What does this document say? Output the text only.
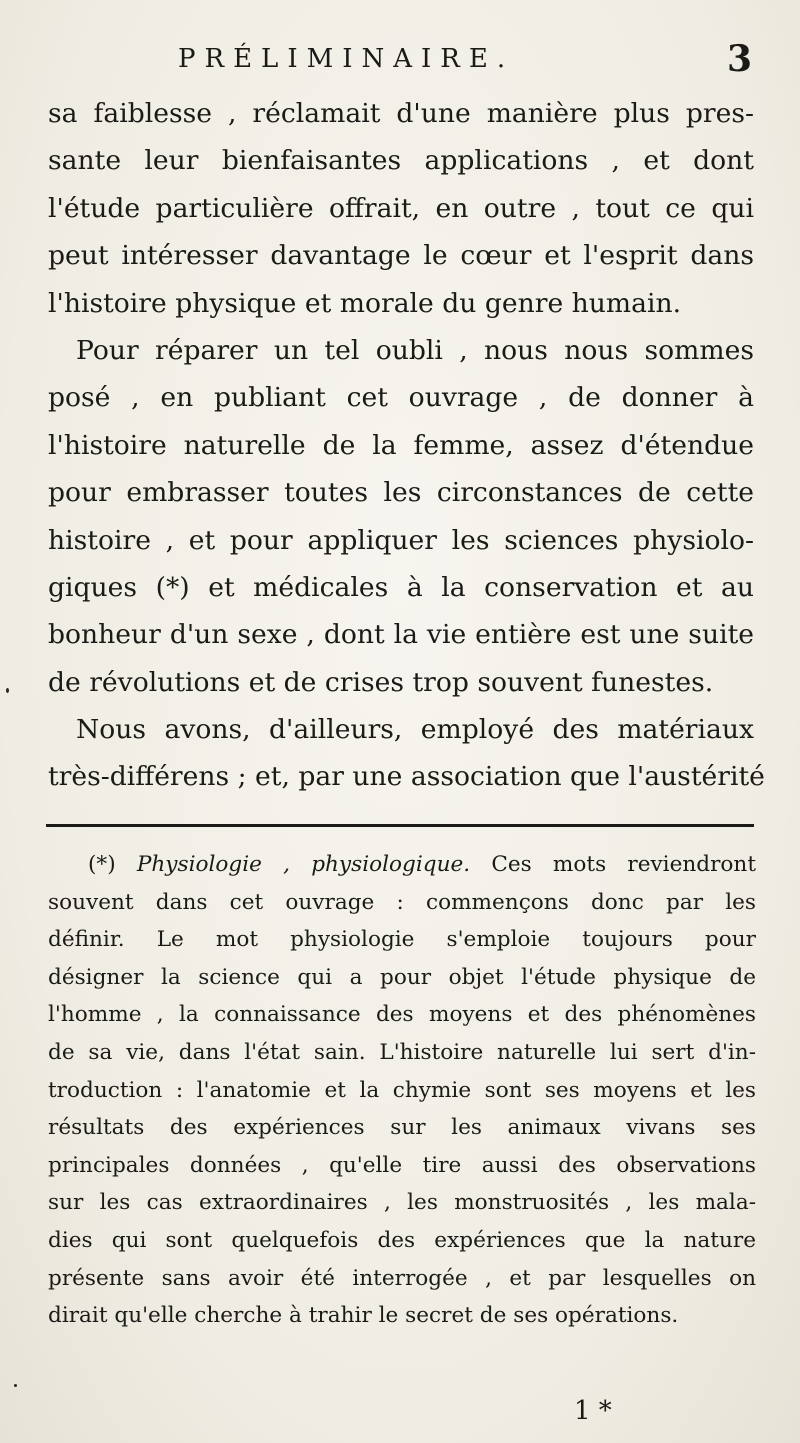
PRÉLIMINAIRE.	3
sa faiblesse , réclamait d'une manière plus pres-
sante leur bienfaisantes applications , et dont
l'étude particulière offrait, en outre , tout ce qui
peut intéresser davantage le cœur et l'esprit dans
l'histoire physique et morale du genre humain.
Pour réparer un tel oubli , nous nous sommes
posé , en publiant cet ouvrage , de donner à
l'histoire naturelle de la femme, assez d'étendue
pour embrasser toutes les circonstances de cette
histoire , et pour appliquer les sciences physiolo-
giques (*) et médicales à la conservation et au
bonheur d'un sexe , dont la vie entière est une suite
de révolutions et de crises trop souvent funestes.
Nous avons, d'ailleurs, employé des matériaux
très-différens ; et, par une association que l'austérité
(*) Physiologie , physiologique. Ces mots reviendront
souvent dans cet ouvrage : commençons donc par les
définir. Le mot physiologie s'emploie toujours pour
désigner la science qui a pour objet l'étude physique de
l'homme , la connaissance des moyens et des phénomènes
de sa vie, dans l'état sain. L'histoire naturelle lui sert d'in-
troduction : l'anatomie et la chymie sont ses moyens et les
résultats des expériences sur les animaux vivans ses
principales données , qu'elle tire aussi des observations
sur les cas extraordinaires , les monstruosités , les mala-
dies qui sont quelquefois des expériences que la nature
présente sans avoir été interrogée , et par lesquelles on
dirait qu'elle cherche à trahir le secret de ses opérations.
1 *
